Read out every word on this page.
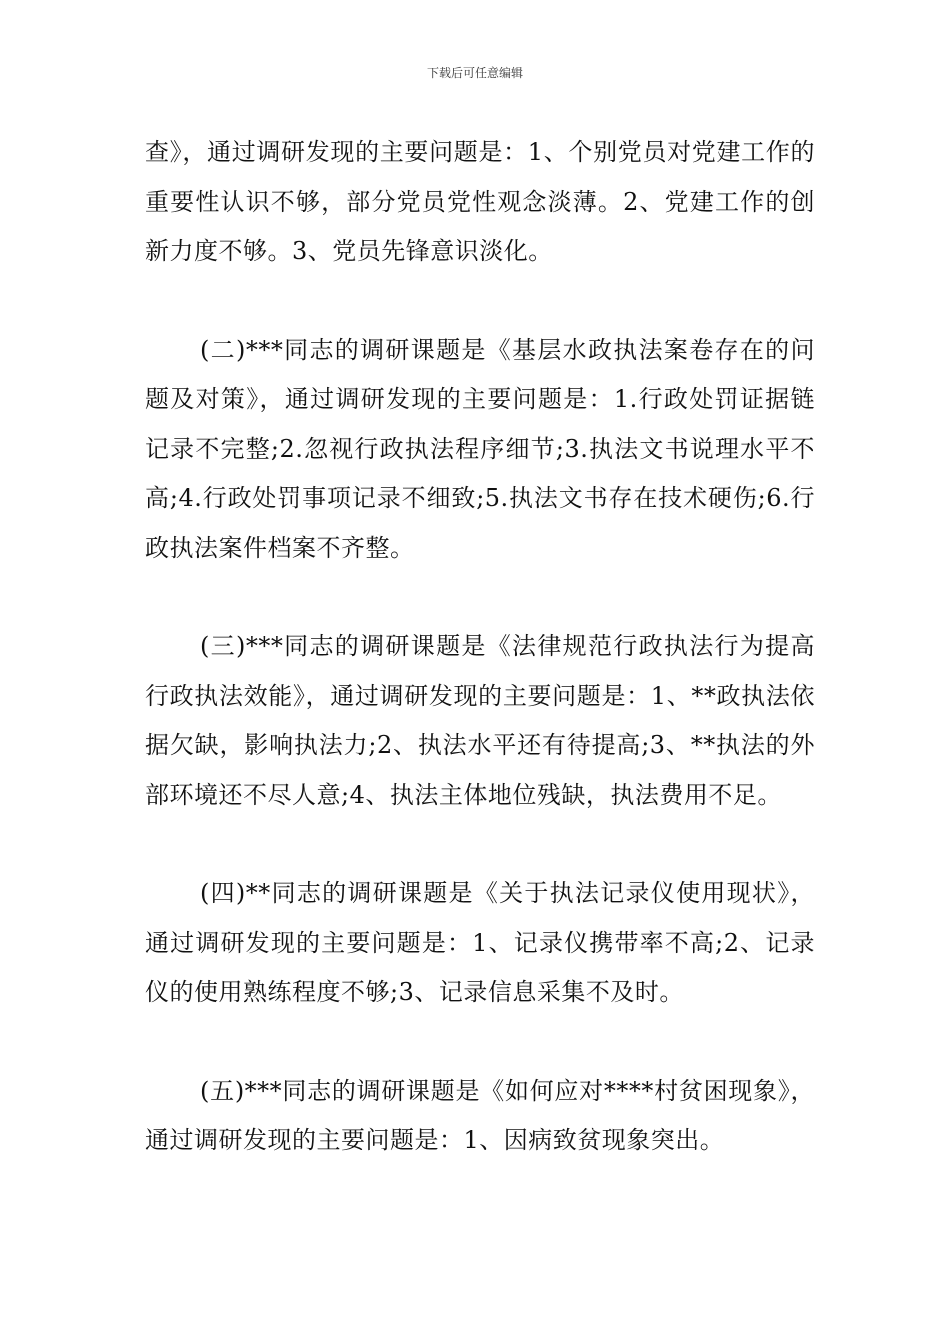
下载后可任意编辑

查》，通过调研发现的主要问题是：1、个别党员对党建工作的重要性认识不够，部分党员党性观念淡薄。2、党建工作的创新力度不够。3、党员先锋意识淡化。

(二)***同志的调研课题是《基层水政执法案卷存在的问题及对策》，通过调研发现的主要问题是：1.行政处罚证据链记录不完整;2.忽视行政执法程序细节;3.执法文书说理水平不高;4.行政处罚事项记录不细致;5.执法文书存在技术硬伤;6.行政执法案件档案不齐整。

(三)***同志的调研课题是《法律规范行政执法行为提高行政执法效能》，通过调研发现的主要问题是：1、**政执法依据欠缺，影响执法力;2、执法水平还有待提高;3、**执法的外部环境还不尽人意;4、执法主体地位残缺，执法费用不足。

(四)**同志的调研课题是《关于执法记录仪使用现状》，通过调研发现的主要问题是：1、记录仪携带率不高;2、记录仪的使用熟练程度不够;3、记录信息采集不及时。

(五)***同志的调研课题是《如何应对****村贫困现象》，通过调研发现的主要问题是：1、因病致贫现象突出。
